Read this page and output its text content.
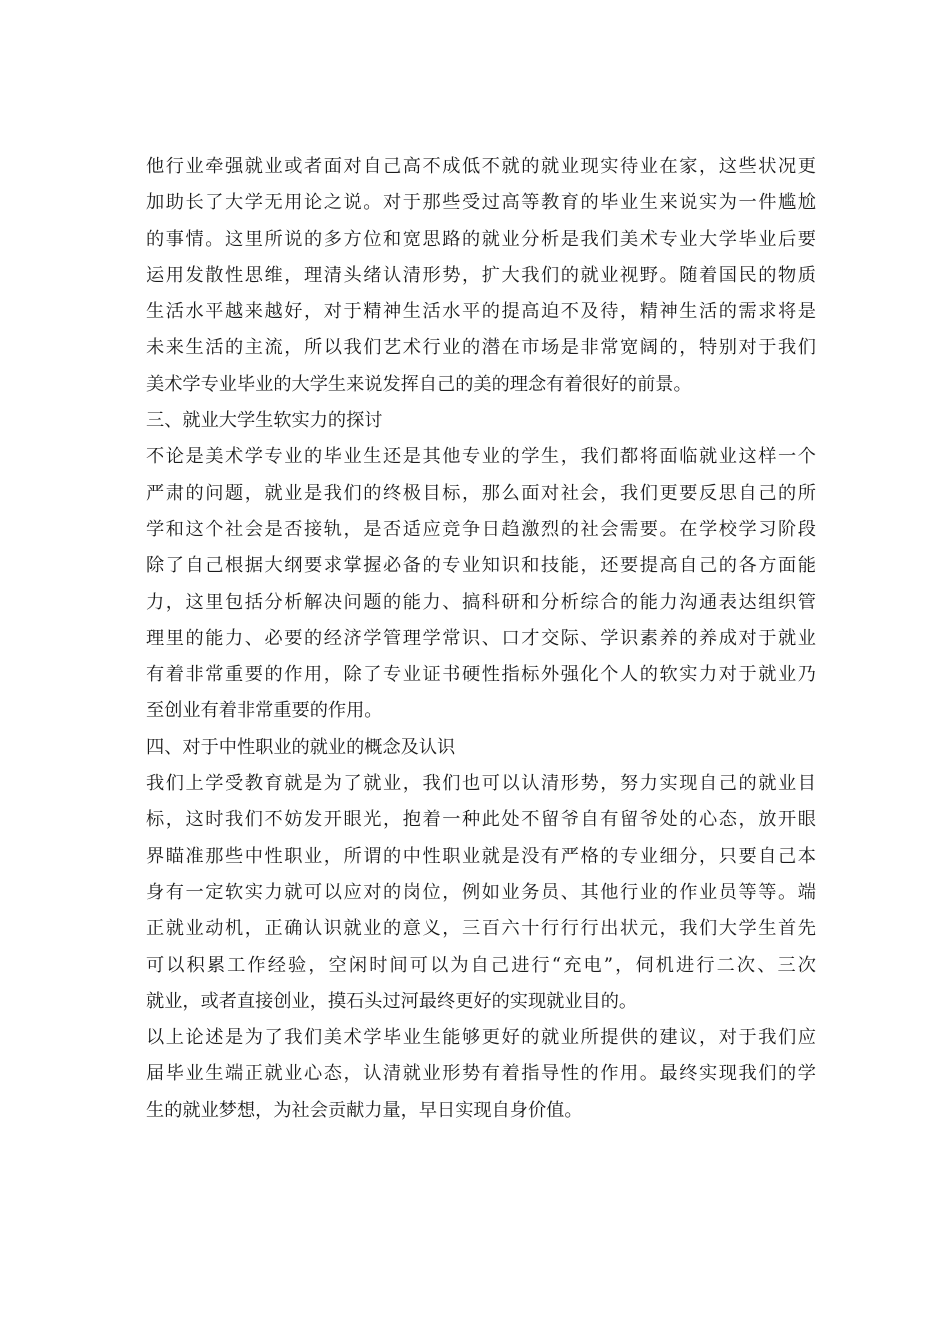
他行业牵强就业或者面对自己高不成低不就的就业现实待业在家，这些状况更
加助长了大学无用论之说。对于那些受过高等教育的毕业生来说实为一件尴尬
的事情。这里所说的多方位和宽思路的就业分析是我们美术专业大学毕业后要
运用发散性思维，理清头绪认清形势，扩大我们的就业视野。随着国民的物质
生活水平越来越好，对于精神生活水平的提高迫不及待，精神生活的需求将是
未来生活的主流，所以我们艺术行业的潜在市场是非常宽阔的，特别对于我们
美术学专业毕业的大学生来说发挥自己的美的理念有着很好的前景。
三、就业大学生软实力的探讨
不论是美术学专业的毕业生还是其他专业的学生，我们都将面临就业这样一个
严肃的问题，就业是我们的终极目标，那么面对社会，我们更要反思自己的所
学和这个社会是否接轨，是否适应竞争日趋激烈的社会需要。在学校学习阶段
除了自己根据大纲要求掌握必备的专业知识和技能，还要提高自己的各方面能
力，这里包括分析解决问题的能力、搞科研和分析综合的能力沟通表达组织管
理里的能力、必要的经济学管理学常识、口才交际、学识素养的养成对于就业
有着非常重要的作用，除了专业证书硬性指标外强化个人的软实力对于就业乃
至创业有着非常重要的作用。
四、对于中性职业的就业的概念及认识
我们上学受教育就是为了就业，我们也可以认清形势，努力实现自己的就业目
标，这时我们不妨发开眼光，抱着一种此处不留爷自有留爷处的心态，放开眼
界瞄准那些中性职业，所谓的中性职业就是没有严格的专业细分，只要自己本
身有一定软实力就可以应对的岗位，例如业务员、其他行业的作业员等等。端
正就业动机，正确认识就业的意义，三百六十行行行出状元，我们大学生首先
可以积累工作经验，空闲时间可以为自己进行“充电”，伺机进行二次、三次
就业，或者直接创业，摸石头过河最终更好的实现就业目的。
以上论述是为了我们美术学毕业生能够更好的就业所提供的建议，对于我们应
届毕业生端正就业心态，认清就业形势有着指导性的作用。最终实现我们的学
生的就业梦想，为社会贡献力量，早日实现自身价值。
